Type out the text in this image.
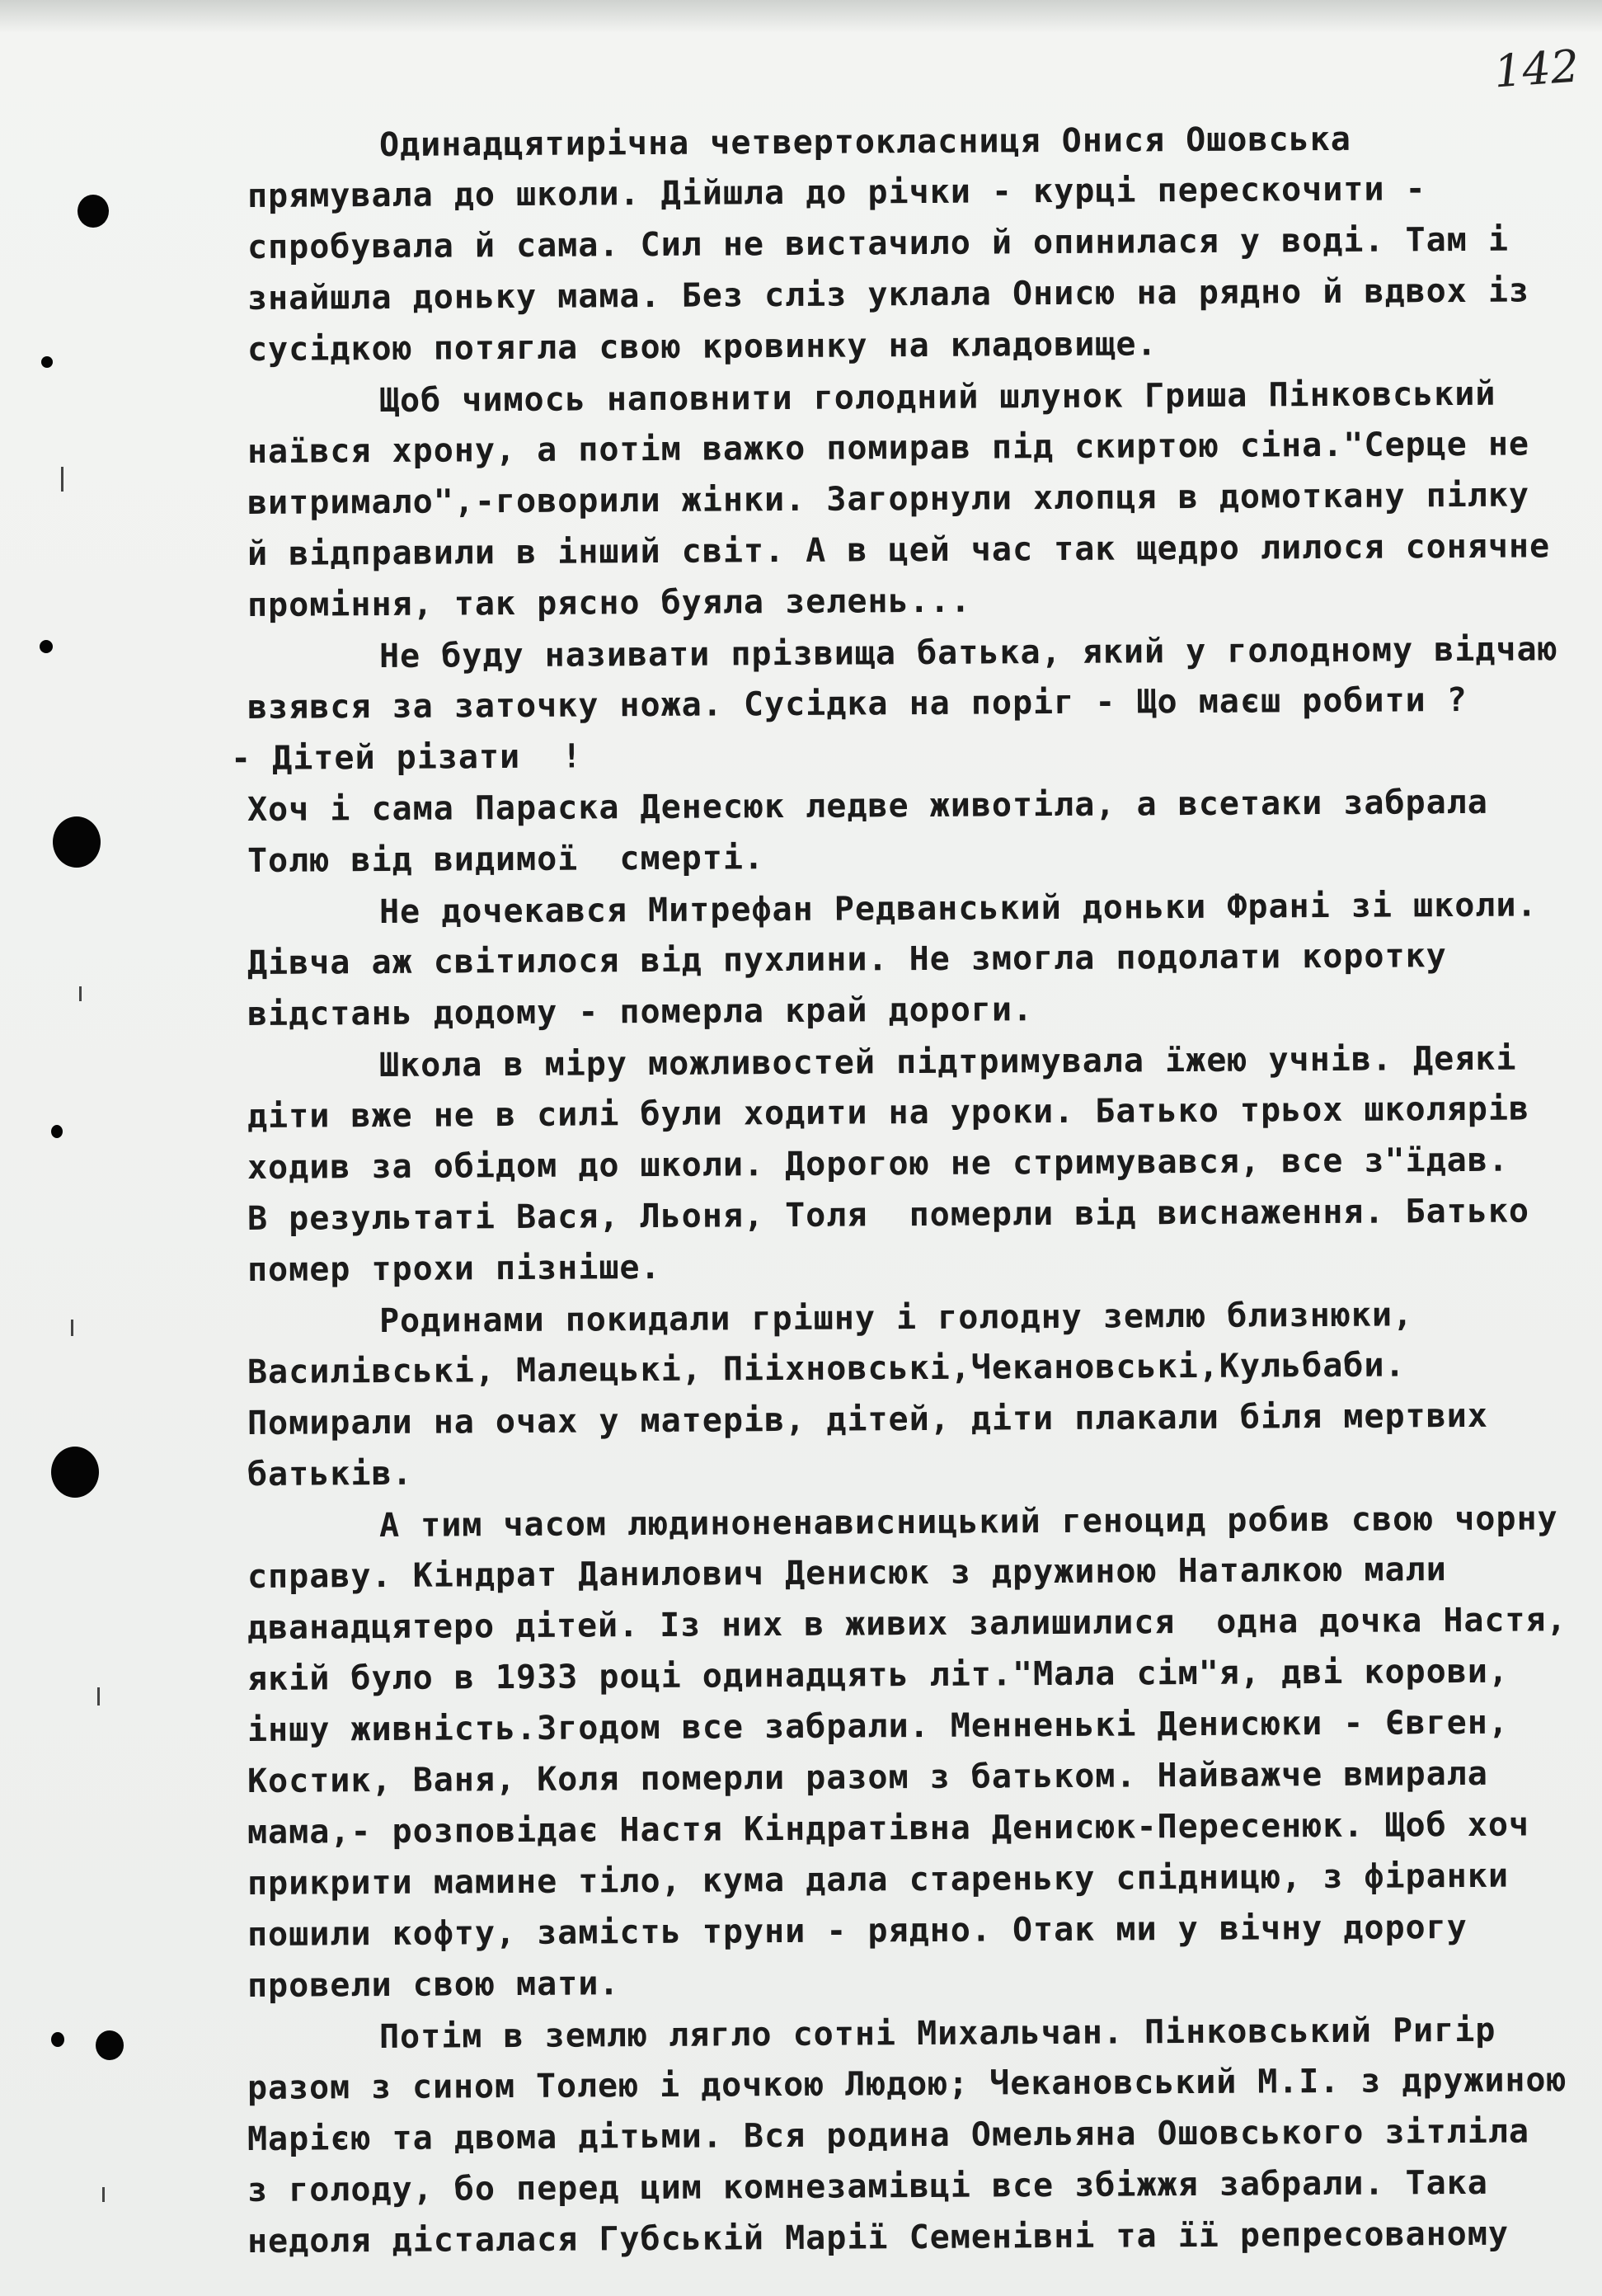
142
Одинадцятирічна четвертокласниця Онися Ошовська
прямувала до школи. Дійшла до річки - курці перескочити -
спробувала й сама. Сил не вистачило й опинилася у воді. Там і
знайшла доньку мама. Без сліз уклала Онисю на рядно й вдвох із
сусідкою потягла свою кровинку на кладовище.
Щоб чимось наповнити голодний шлунок Гриша Пінковський
наївся хрону, а потім важко помирав під скиртою сіна."Серце не
витримало",-говорили жінки. Загорнули хлопця в домоткану пілку
й відправили в інший світ. А в цей час так щедро лилося сонячне
проміння, так рясно буяла зелень...
Не буду називати прізвища батька, який у голодному відчаю
взявся за заточку ножа. Сусідка на поріг - Що маєш робити ?
- Дітей різати  !
Хоч і сама Параска Денесюк ледве животіла, а всетаки забрала
Толю від видимої  смерті.
Не дочекався Митрефан Редванський доньки Франі зі школи.
Дівча аж світилося від пухлини. Не змогла подолати коротку
відстань додому - померла край дороги.
Школа в міру можливостей підтримувала їжею учнів. Деякі
діти вже не в силі були ходити на уроки. Батько трьох школярів
ходив за обідом до школи. Дорогою не стримувався, все з"їдав.
В результаті Вася, Льоня, Толя  померли від виснаження. Батько
помер трохи пізніше.
Родинами покидали грішну і голодну землю близнюки,
Василівські, Малецькі, Пііхновські,Чекановські,Кульбаби.
Помирали на очах у матерів, дітей, діти плакали біля мертвих
батьків.
А тим часом людиноненависницький геноцид робив свою чорну
справу. Кіндрат Данилович Денисюк з дружиною Наталкою мали
дванадцятеро дітей. Із них в живих залишилися  одна дочка Настя,
якій було в 1933 році одинадцять літ."Мала сім"я, дві корови,
іншу живність.Згодом все забрали. Менненькі Денисюки - Євген,
Костик, Ваня, Коля померли разом з батьком. Найважче вмирала
мама,- розповідає Настя Кіндратівна Денисюк-Пересенюк. Щоб хоч
прикрити мамине тіло, кума дала стареньку спідницю, з фіранки
пошили кофту, замість труни - рядно. Отак ми у вічну дорогу
провели свою мати.
Потім в землю лягло сотні Михальчан. Пінковський Ригір
разом з сином Толею і дочкою Людою; Чекановський М.І. з дружиною
Марією та двома дітьми. Вся родина Омельяна Ошовського зітліла
з голоду, бо перед цим комнезамівці все збіжжя забрали. Така
недоля дісталася Губській Марії Семенівні та її репресованому
